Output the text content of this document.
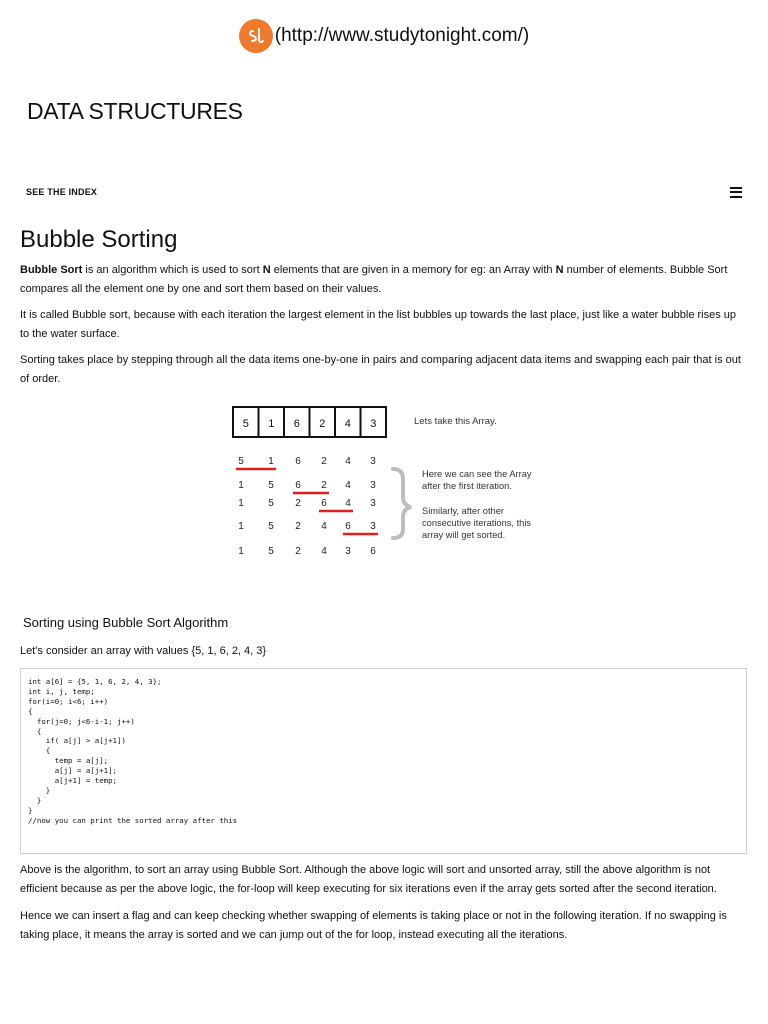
(http://www.studytonight.com/)
DATA STRUCTURES
SEE THE INDEX
Bubble Sorting

Bubble Sort is an algorithm which is used to sort N elements that are given in a memory for eg: an Array with N number of elements. Bubble Sort compares all the element one by one and sort them based on their values.

It is called Bubble sort, because with each iteration the largest element in the list bubbles up towards the last place, just like a water bubble rises up to the water surface.

Sorting takes place by stepping through all the data items one-by-one in pairs and comparing adjacent data items and swapping each pair that is out of order.

5 1 6 2 4 3	Lets take this Array.
5 1 6 2 4 3
1 5 6 2 4 3
1 5 2 6 4 3
1 5 2 4 6 3
1 5 2 4 3 6
Here we can see the Array
after the first iteration.
Similarly, after other
consecutive iterations, this
array will get sorted.
Sorting using Bubble Sort Algorithm

Let's consider an array with values {5, 1, 6, 2, 4, 3}

int a[6] = {5, 1, 6, 2, 4, 3};
int i, j, temp;
for(i=0; i<6; i++)
{
for(j=0; j<6-i-1; j++)
{
if( a[j] > a[j+1])
{
temp = a[j];
a[j] = a[j+1];
a[j+1] = temp;
}
}
}
//now you can print the sorted array after this

Above is the algorithm, to sort an array using Bubble Sort. Although the above logic will sort and unsorted array, still the above algorithm is not efficient because as per the above logic, the for-loop will keep executing for six iterations even if the array gets sorted after the second iteration.

Hence we can insert a flag and can keep checking whether swapping of elements is taking place or not in the following iteration. If no swapping is taking place, it means the array is sorted and we can jump out of the for loop, instead executing all the iterations.
